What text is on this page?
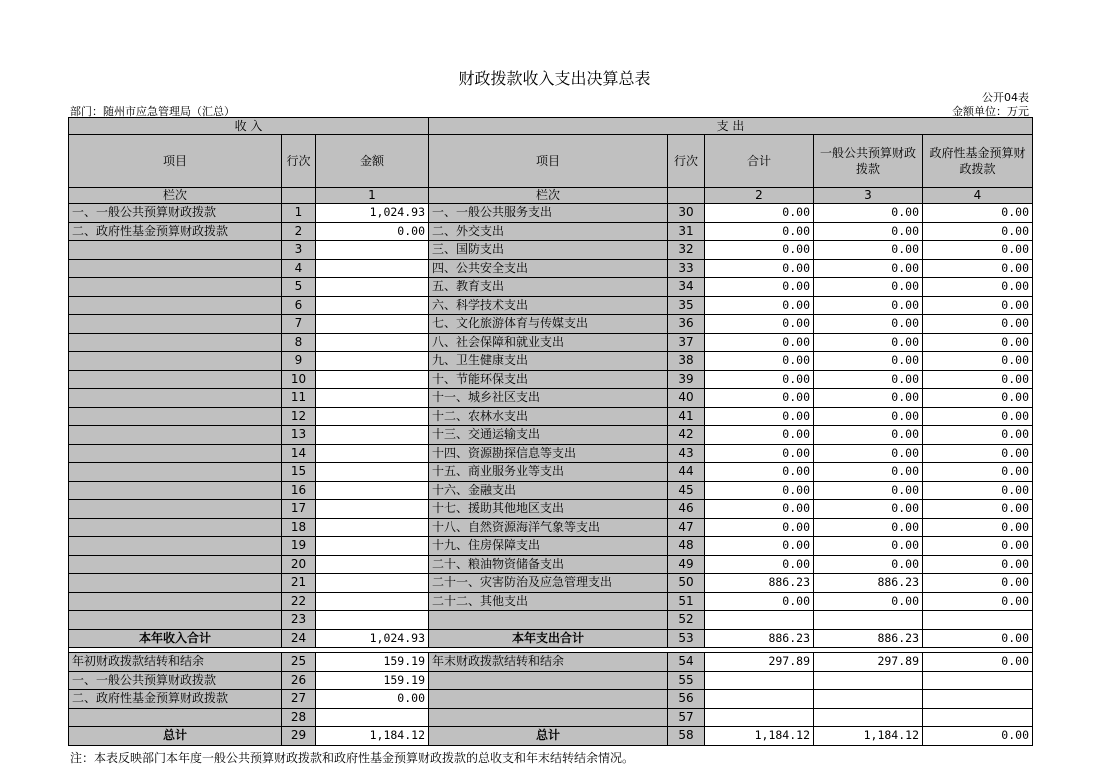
财政拨款收入支出决算总表
公开04表
部门：随州市应急管理局（汇总）	金额单位：万元
收 入			支 出				
项目	行次	金额	项目	行次	合计	一般公共预算财政拨款	政府性基金预算财政拨款
栏次		1	栏次		2	3	4
一、一般公共预算财政拨款	1	1,024.93	一、一般公共服务支出	30	0.00	0.00	0.00
二、政府性基金预算财政拨款	2	0.00	二、外交支出	31	0.00	0.00	0.00
	3		三、国防支出	32	0.00	0.00	0.00
	4		四、公共安全支出	33	0.00	0.00	0.00
	5		五、教育支出	34	0.00	0.00	0.00
	6		六、科学技术支出	35	0.00	0.00	0.00
	7		七、文化旅游体育与传媒支出	36	0.00	0.00	0.00
	8		八、社会保障和就业支出	37	0.00	0.00	0.00
	9		九、卫生健康支出	38	0.00	0.00	0.00
	10		十、节能环保支出	39	0.00	0.00	0.00
	11		十一、城乡社区支出	40	0.00	0.00	0.00
	12		十二、农林水支出	41	0.00	0.00	0.00
	13		十三、交通运输支出	42	0.00	0.00	0.00
	14		十四、资源勘探信息等支出	43	0.00	0.00	0.00
	15		十五、商业服务业等支出	44	0.00	0.00	0.00
	16		十六、金融支出	45	0.00	0.00	0.00
	17		十七、援助其他地区支出	46	0.00	0.00	0.00
	18		十八、自然资源海洋气象等支出	47	0.00	0.00	0.00
	19		十九、住房保障支出	48	0.00	0.00	0.00
	20		二十、粮油物资储备支出	49	0.00	0.00	0.00
	21		二十一、灾害防治及应急管理支出	50	886.23	886.23	0.00
	22		二十二、其他支出	51	0.00	0.00	0.00
	23			52			
本年收入合计	24	1,024.93	本年支出合计	53	886.23	886.23	0.00

年初财政拨款结转和结余	25	159.19	年末财政拨款结转和结余	54	297.89	297.89	0.00
一、一般公共预算财政拨款	26	159.19		55			
二、政府性基金预算财政拨款	27	0.00		56			
	28			57			
总计	29	1,184.12	总计	58	1,184.12	1,184.12	0.00
注：本表反映部门本年度一般公共预算财政拨款和政府性基金预算财政拨款的总收支和年末结转结余情况。
